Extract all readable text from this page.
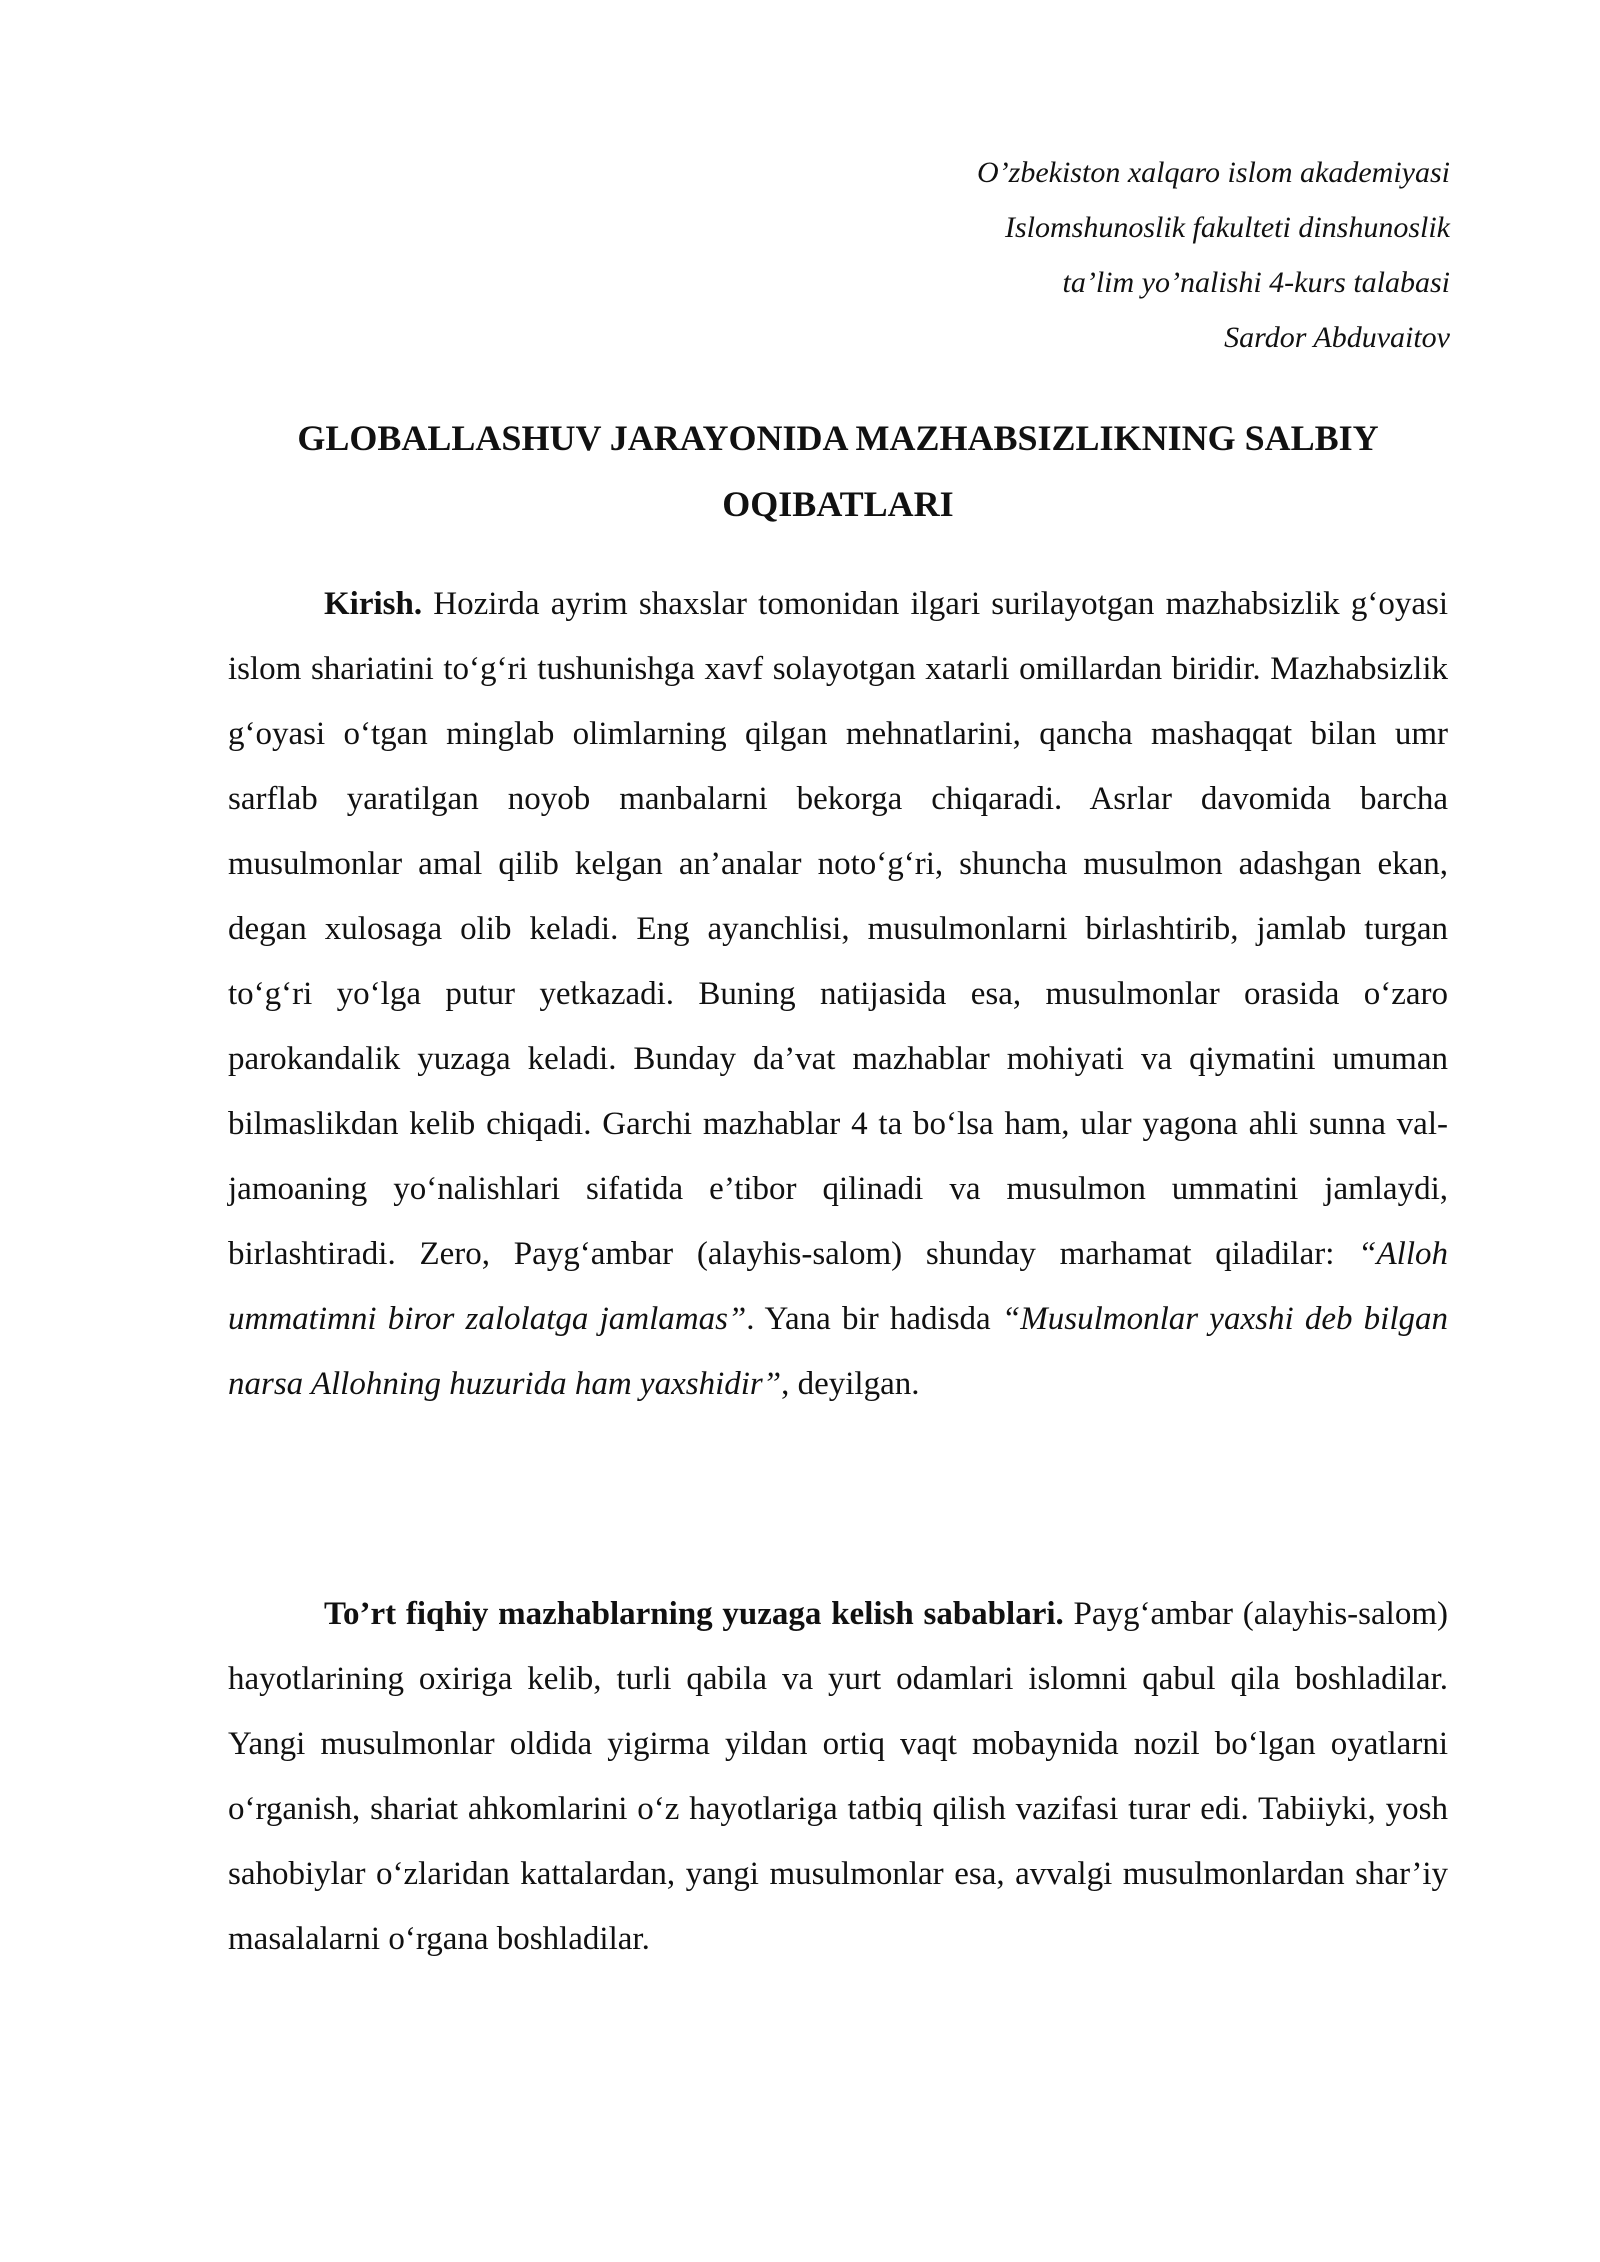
O’zbekiston xalqaro islom akademiyasi
Islomshunoslik fakulteti dinshunoslik
ta’lim yo’nalishi 4-kurs talabasi
Sardor Abduvaitov
GLOBALLASHUV JARAYONIDA MAZHABSIZLIKNING SALBIY
OQIBATLARI

Kirish. Hozirda ayrim shaxslar tomonidan ilgari surilayotgan mazhabsizlik g‘oyasi islom shariatini to‘g‘ri tushunishga xavf solayotgan xatarli omillardan biridir. Mazhabsizlik g‘oyasi o‘tgan minglab olimlarning qilgan mehnatlarini, qancha mashaqqat bilan umr sarflab yaratilgan noyob manbalarni bekorga chiqaradi. Asrlar davomida barcha musulmonlar amal qilib kelgan an’analar noto‘g‘ri, shuncha musulmon adashgan ekan, degan xulosaga olib keladi. Eng ayanchlisi, musulmonlarni birlashtirib, jamlab turgan to‘g‘ri yo‘lga putur yetkazadi. Buning natijasida esa, musulmonlar orasida o‘zaro parokandalik yuzaga keladi. Bunday da’vat mazhablar mohiyati va qiymatini umuman bilmaslikdan kelib chiqadi. Garchi mazhablar 4 ta bo‘lsa ham, ular yagona ahli sunna val-jamoaning yo‘nalishlari sifatida e’tibor qilinadi va musulmon ummatini jamlaydi, birlashtiradi. Zero, Payg‘ambar (alayhis-salom) shunday marhamat qiladilar: “Alloh ummatimni biror zalolatga jamlamas”. Yana bir hadisda “Musulmonlar yaxshi deb bilgan narsa Allohning huzurida ham yaxshidir”, deyilgan.

To’rt fiqhiy mazhablarning yuzaga kelish sabablari. Payg‘ambar (alayhis-salom) hayotlarining oxiriga kelib, turli qabila va yurt odamlari islomni qabul qila boshladilar. Yangi musulmonlar oldida yigirma yildan ortiq vaqt mobaynida nozil bo‘lgan oyatlarni o‘rganish, shariat ahkomlarini o‘z hayotlariga tatbiq qilish vazifasi turar edi. Tabiiyki, yosh sahobiylar o‘zlaridan kattalardan, yangi musulmonlar esa, avvalgi musulmonlardan shar’iy masalalarni o‘rgana boshladilar.
